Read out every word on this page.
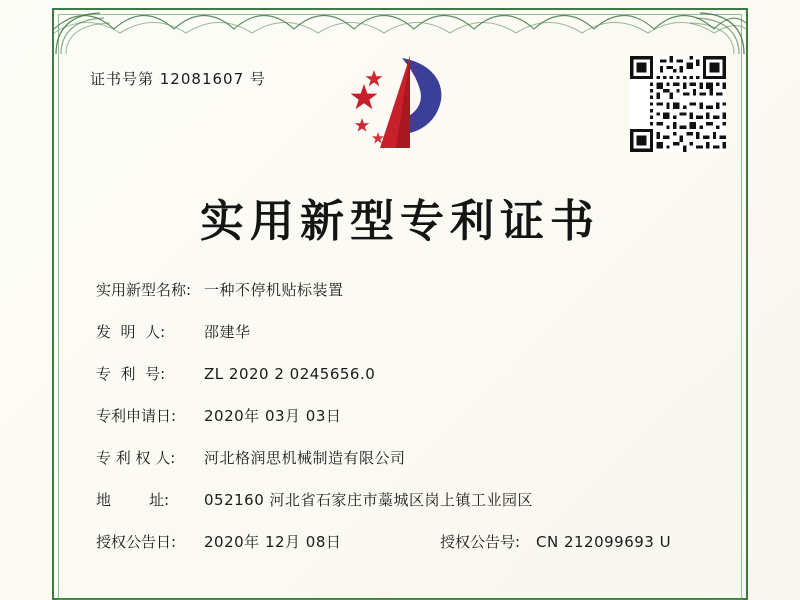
证书号第 12081607 号
实用新型专利证书
实用新型名称: 一种不停机贴标装置
发  明  人:	邵建华
专  利  号:	ZL 2020 2 0245656.0
专利申请日:	2020年 03月 03日
专 利 权 人:	河北格润思机械制造有限公司
地        址:	052160 河北省石家庄市藁城区岗上镇工业园区
授权公告日:	2020年 12月 08日	授权公告号:	CN 212099693 U
